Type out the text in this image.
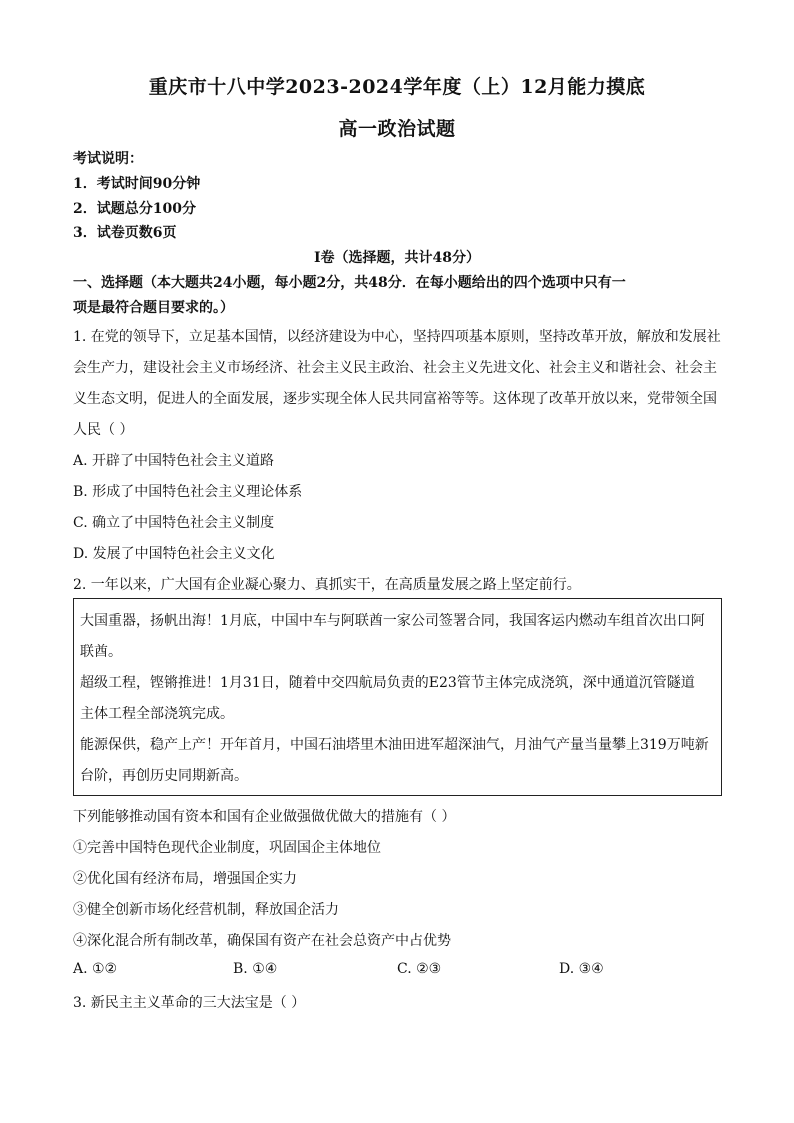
重庆市十八中学2023-2024学年度（上）12月能力摸底
高一政治试题
考试说明：
1．考试时间90分钟
2．试题总分100分
3．试卷页数6页
I卷（选择题，共计48分）
一、选择题（本大题共24小题，每小题2分，共48分．在每小题给出的四个选项中只有一
项是最符合题目要求的。）
1. 在党的领导下，立足基本国情，以经济建设为中心，坚持四项基本原则，坚持改革开放，解放和发展社
会生产力，建设社会主义市场经济、社会主义民主政治、社会主义先进文化、社会主义和谐社会、社会主
义生态文明，促进人的全面发展，逐步实现全体人民共同富裕等等。这体现了改革开放以来，党带领全国
人民（ ）
A. 开辟了中国特色社会主义道路
B. 形成了中国特色社会主义理论体系
C. 确立了中国特色社会主义制度
D. 发展了中国特色社会主义文化
2. 一年以来，广大国有企业凝心聚力、真抓实干，在高质量发展之路上坚定前行。
大国重器，扬帆出海！1月底，中国中车与阿联酋一家公司签署合同，我国客运内燃动车组首次出口阿
联酋。
超级工程，铿锵推进！1月31日，随着中交四航局负责的E23管节主体完成浇筑，深中通道沉管隧道
主体工程全部浇筑完成。
能源保供，稳产上产！开年首月，中国石油塔里木油田进军超深油气，月油气产量当量攀上319万吨新
台阶，再创历史同期新高。
下列能够推动国有资本和国有企业做强做优做大的措施有（ ）
①完善中国特色现代企业制度，巩固国企主体地位
②优化国有经济布局，增强国企实力
③健全创新市场化经营机制，释放国企活力
④深化混合所有制改革，确保国有资产在社会总资产中占优势
A. ①②	B. ①④	C. ②③	D. ③④
3. 新民主主义革命的三大法宝是（ ）
